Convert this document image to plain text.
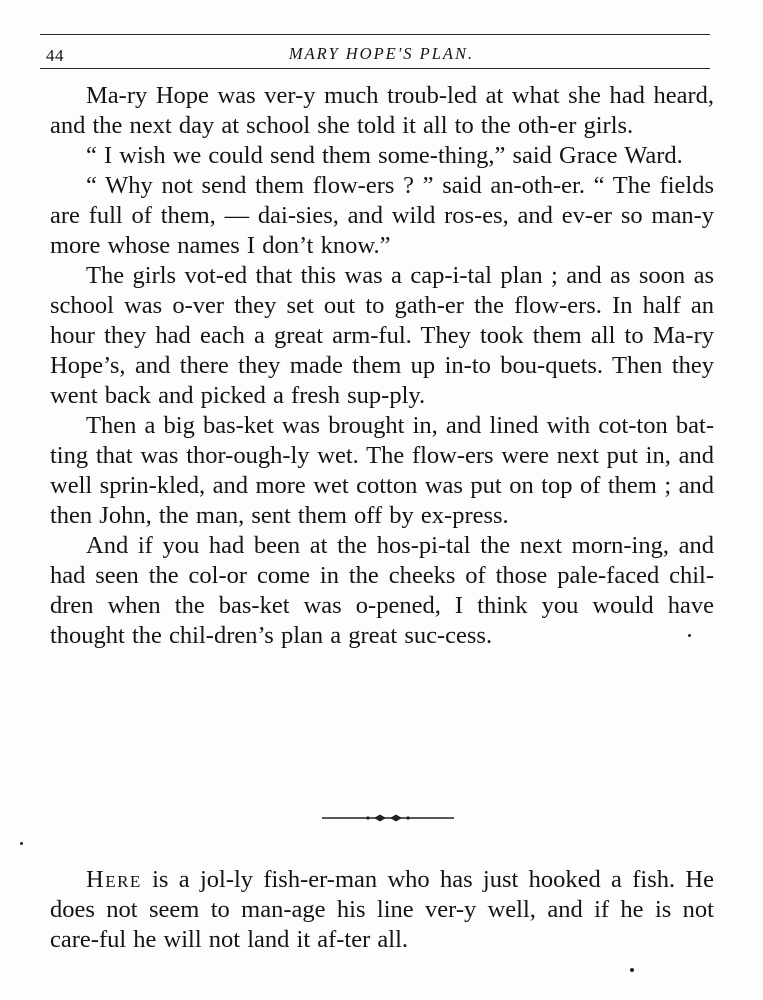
44	MARY HOPE'S PLAN.

Ma-ry Hope was ver-y much troub-led at what she had heard, and the next day at school she told it all to the oth-er girls.

“ I wish we could send them some-thing,” said Grace Ward.

“ Why not send them flow-ers ? ” said an-oth-er. “ The fields are full of them, — dai-sies, and wild ros-es, and ev-er so man-y more whose names I don’t know.”

The girls vot-ed that this was a cap-i-tal plan ; and as soon as school was o-ver they set out to gath-er the flow-ers. In half an hour they had each a great arm-ful. They took them all to Ma-ry Hope’s, and there they made them up in-to bou-quets. Then they went back and picked a fresh sup-ply.

Then a big bas-ket was brought in, and lined with cot-ton bat-ting that was thor-ough-ly wet. The flow-ers were next put in, and well sprin-kled, and more wet cotton was put on top of them ; and then John, the man, sent them off by ex-press.

And if you had been at the hos-pi-tal the next morn-ing, and had seen the col-or come in the cheeks of those pale-faced chil-dren when the bas-ket was o-pened, I think you would have thought the chil-dren’s plan a great suc-cess.

Here is a jol-ly fish-er-man who has just hooked a fish. He does not seem to man-age his line ver-y well, and if he is not care-ful he will not land it af-ter all.
